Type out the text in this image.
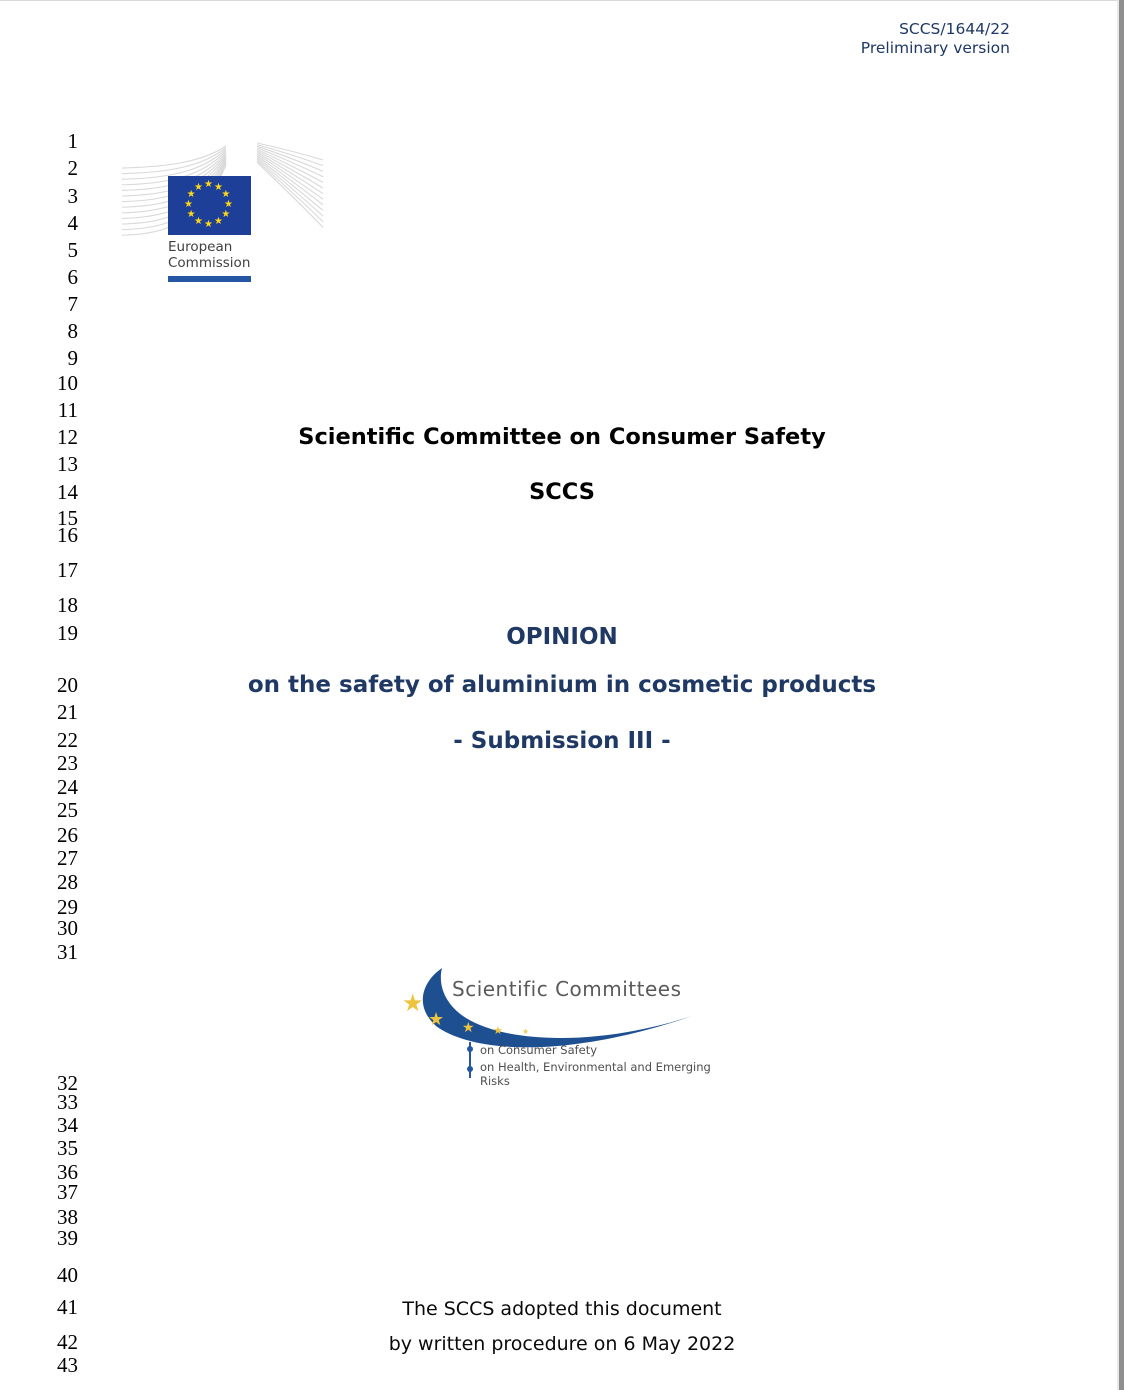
SCCS/1644/22
Preliminary version
1
2
3
4
5
6
7
8
9
10
11
12
13
14
15
16
17
18
19
20
21
22
23
24
25
26
27
28
29
30
31
32
33
34
35
36
37
38
39
40
41
42
43
★ ★
★
★
★
★
★
★
★
★
★
★
European
Commission
Scientific Committee on Consumer Safety
SCCS
OPINION
on the safety of aluminium in cosmetic products
- Submission III -
★
★ ★ ★ ★
Scientific Committees
on Consumer Safety
on Health, Environmental and Emerging Risks
The SCCS adopted this document
by written procedure on 6 May 2022
